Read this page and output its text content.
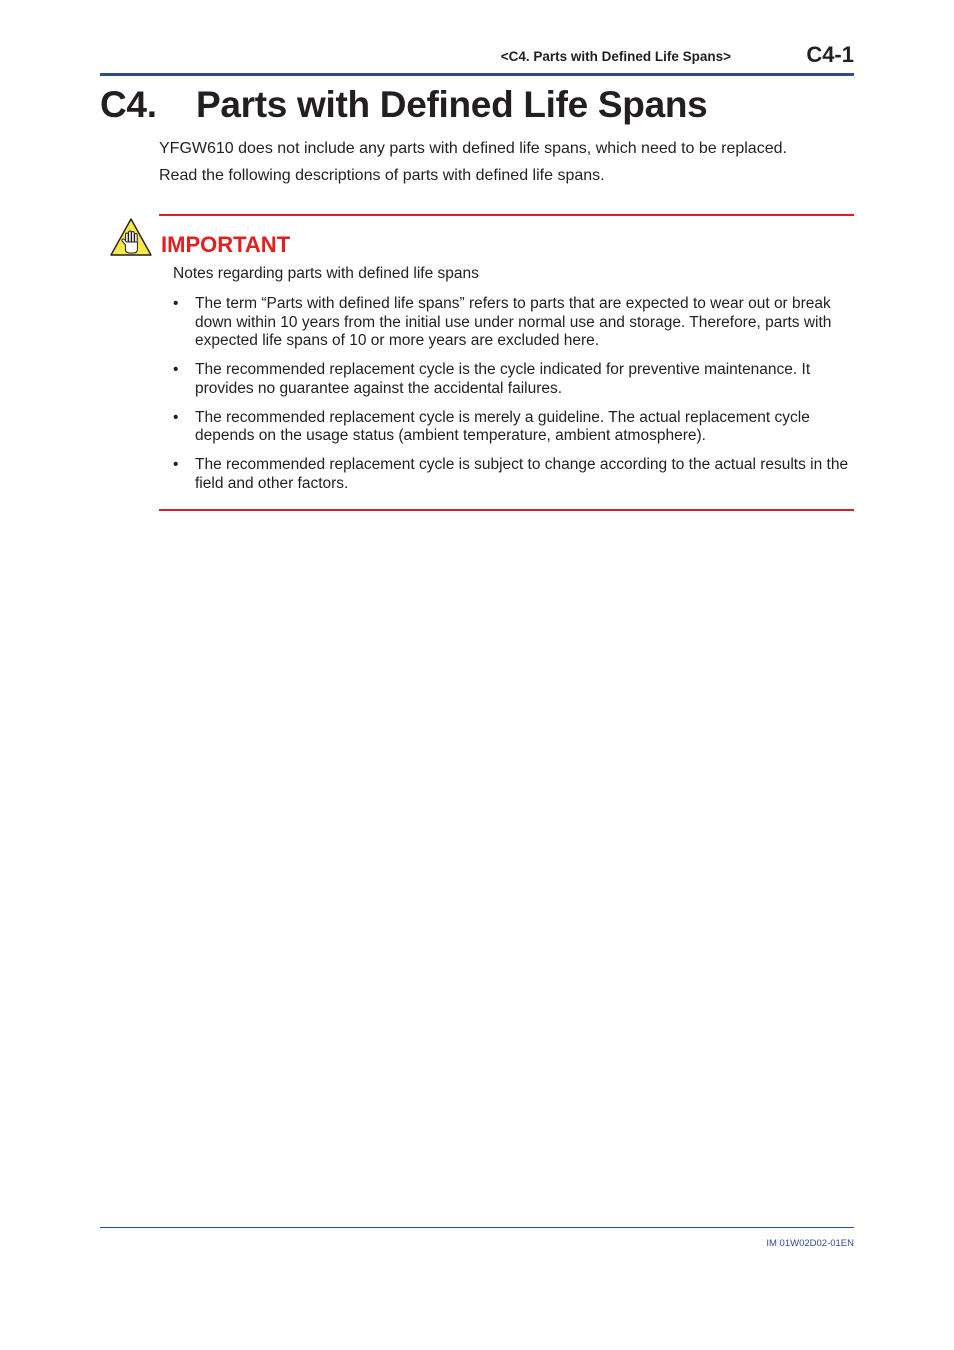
<C4. Parts with Defined Life Spans>	C4-1
C4. Parts with Defined Life Spans

YFGW610 does not include any parts with defined life spans, which need to be replaced.

Read the following descriptions of parts with defined life spans.

IMPORTANT

Notes regarding parts with defined life spans

• The term “Parts with defined life spans” refers to parts that are expected to wear out or break down within 10 years from the initial use under normal use and storage. Therefore, parts with expected life spans of 10 or more years are excluded here.
• The recommended replacement cycle is the cycle indicated for preventive maintenance. It provides no guarantee against the accidental failures.
• The recommended replacement cycle is merely a guideline. The actual replacement cycle depends on the usage status (ambient temperature, ambient atmosphere).
• The recommended replacement cycle is subject to change according to the actual results in the field and other factors.
IM 01W02D02-01EN
